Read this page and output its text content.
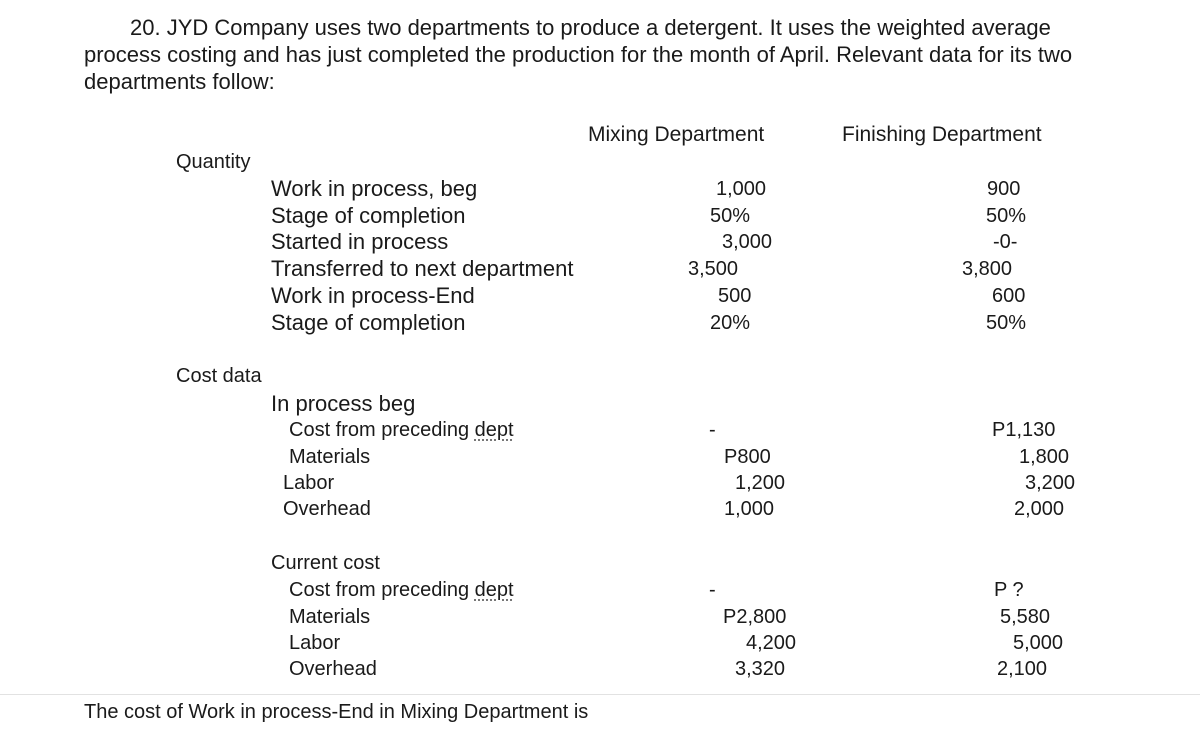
20. JYD Company uses two departments to produce a detergent. It uses the weighted average
process costing and has just completed the production for the month of April. Relevant data for its two
departments follow:
Mixing Department	Finishing Department
Quantity
Work in process, beg	1,000	900
Stage of completion	50%	50%
Started in process	3,000	-0-
Transferred to next department	3,500	3,800
Work in process-End	500	600
Stage of completion	20%	50%
Cost data
In process beg
Cost from preceding dept	-	P1,130
Materials	P800	1,800
Labor	1,200	3,200
Overhead	1,000	2,000
Current cost
Cost from preceding dept	-	P ?
Materials	P2,800	5,580
Labor	4,200	5,000
Overhead	3,320	2,100
The cost of Work in process-End in Mixing Department is
